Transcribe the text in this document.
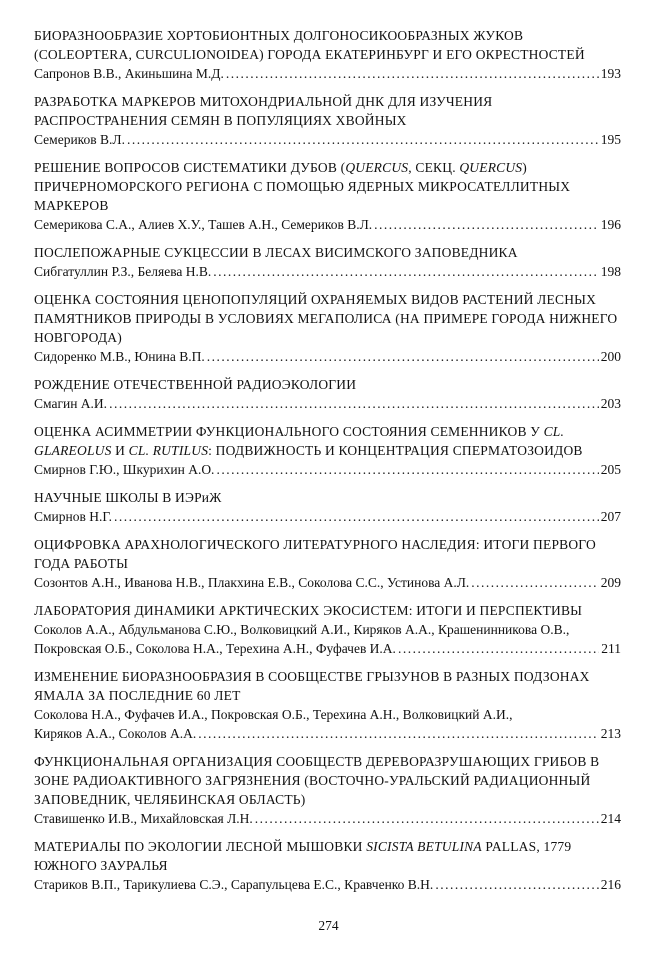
БИОРАЗНООБРАЗИЕ ХОРТОБИОНТНЫХ ДОЛГОНОСИКООБРАЗНЫХ ЖУКОВ (COLEOPTERA, CURCULIONOIDEA) ГОРОДА ЕКАТЕРИНБУРГ И ЕГО ОКРЕСТНОСТЕЙ
Сапронов В.В., Акиньшина М.Д. .....	193
РАЗРАБОТКА МАРКЕРОВ МИТОХОНДРИАЛЬНОЙ ДНК ДЛЯ ИЗУЧЕНИЯ РАСПРОСТРАНЕНИЯ СЕМЯН В ПОПУЛЯЦИЯХ ХВОЙНЫХ
Семериков В.Л. .....	195
РЕШЕНИЕ ВОПРОСОВ СИСТЕМАТИКИ ДУБОВ (QUERCUS, СЕКЦ. QUERCUS) ПРИЧЕРНОМОРСКОГО РЕГИОНА С ПОМОЩЬЮ ЯДЕРНЫХ МИКРОСАТЕЛЛИТНЫХ МАРКЕРОВ
Семерикова С.А., Алиев Х.У., Ташев А.Н., Семериков В.Л. .....	196
ПОСЛЕПОЖАРНЫЕ СУКЦЕССИИ В ЛЕСАХ ВИСИМСКОГО ЗАПОВЕДНИКА
Сибгатуллин Р.З., Беляева Н.В. .....	198
ОЦЕНКА СОСТОЯНИЯ ЦЕНОПОПУЛЯЦИЙ ОХРАНЯЕМЫХ ВИДОВ РАСТЕНИЙ ЛЕСНЫХ ПАМЯТНИКОВ ПРИРОДЫ В УСЛОВИЯХ МЕГАПОЛИСА (НА ПРИМЕРЕ ГОРОДА НИЖНЕГО НОВГОРОДА)
Сидоренко М.В., Юнина В.П. .....	200
РОЖДЕНИЕ ОТЕЧЕСТВЕННОЙ РАДИОЭКОЛОГИИ
Смагин А.И. .....	203
ОЦЕНКА АСИММЕТРИИ ФУНКЦИОНАЛЬНОГО СОСТОЯНИЯ СЕМЕННИКОВ У CL. GLAREOLUS И CL. RUTILUS: ПОДВИЖНОСТЬ И КОНЦЕНТРАЦИЯ СПЕРМАТОЗОИДОВ
Смирнов Г.Ю., Шкурихин А.О. .....	205
НАУЧНЫЕ ШКОЛЫ В ИЭРиЖ
Смирнов Н.Г. .....	207
ОЦИФРОВКА АРАХНОЛОГИЧЕСКОГО ЛИТЕРАТУРНОГО НАСЛЕДИЯ: ИТОГИ ПЕРВОГО ГОДА РАБОТЫ
Созонтов А.Н., Иванова Н.В., Плакхина Е.В., Соколова С.С., Устинова А.Л. .....	209
ЛАБОРАТОРИЯ ДИНАМИКИ АРКТИЧЕСКИХ ЭКОСИСТЕМ: ИТОГИ И ПЕРСПЕКТИВЫ
Соколов А.А., Абдульманова С.Ю., Волковицкий А.И., Киряков А.А., Крашенинникова О.В.,
Покровская О.Б., Соколова Н.А., Терехина А.Н., Фуфачев И.А. .....	211
ИЗМЕНЕНИЕ БИОРАЗНООБРАЗИЯ В СООБЩЕСТВЕ ГРЫЗУНОВ В РАЗНЫХ ПОДЗОНАХ ЯМАЛА ЗА ПОСЛЕДНИЕ 60 ЛЕТ
Соколова Н.А., Фуфачев И.А., Покровская О.Б., Терехина А.Н., Волковицкий А.И.,
Киряков А.А., Соколов А.А. .....	213
ФУНКЦИОНАЛЬНАЯ ОРГАНИЗАЦИЯ СООБЩЕСТВ ДЕРЕВОРАЗРУШАЮЩИХ ГРИБОВ В ЗОНЕ РАДИОАКТИВНОГО ЗАГРЯЗНЕНИЯ (ВОСТОЧНО-УРАЛЬСКИЙ РАДИАЦИОННЫЙ ЗАПОВЕДНИК, ЧЕЛЯБИНСКАЯ ОБЛАСТЬ)
Ставишенко И.В., Михайловская Л.Н. .....	214
МАТЕРИАЛЫ ПО ЭКОЛОГИИ ЛЕСНОЙ МЫШОВКИ SICISTA BETULINA PALLAS, 1779 ЮЖНОГО ЗАУРАЛЬЯ
Стариков В.П., Тарикулиева С.Э., Сарапульцева Е.С., Кравченко В.Н. .....	216
274
